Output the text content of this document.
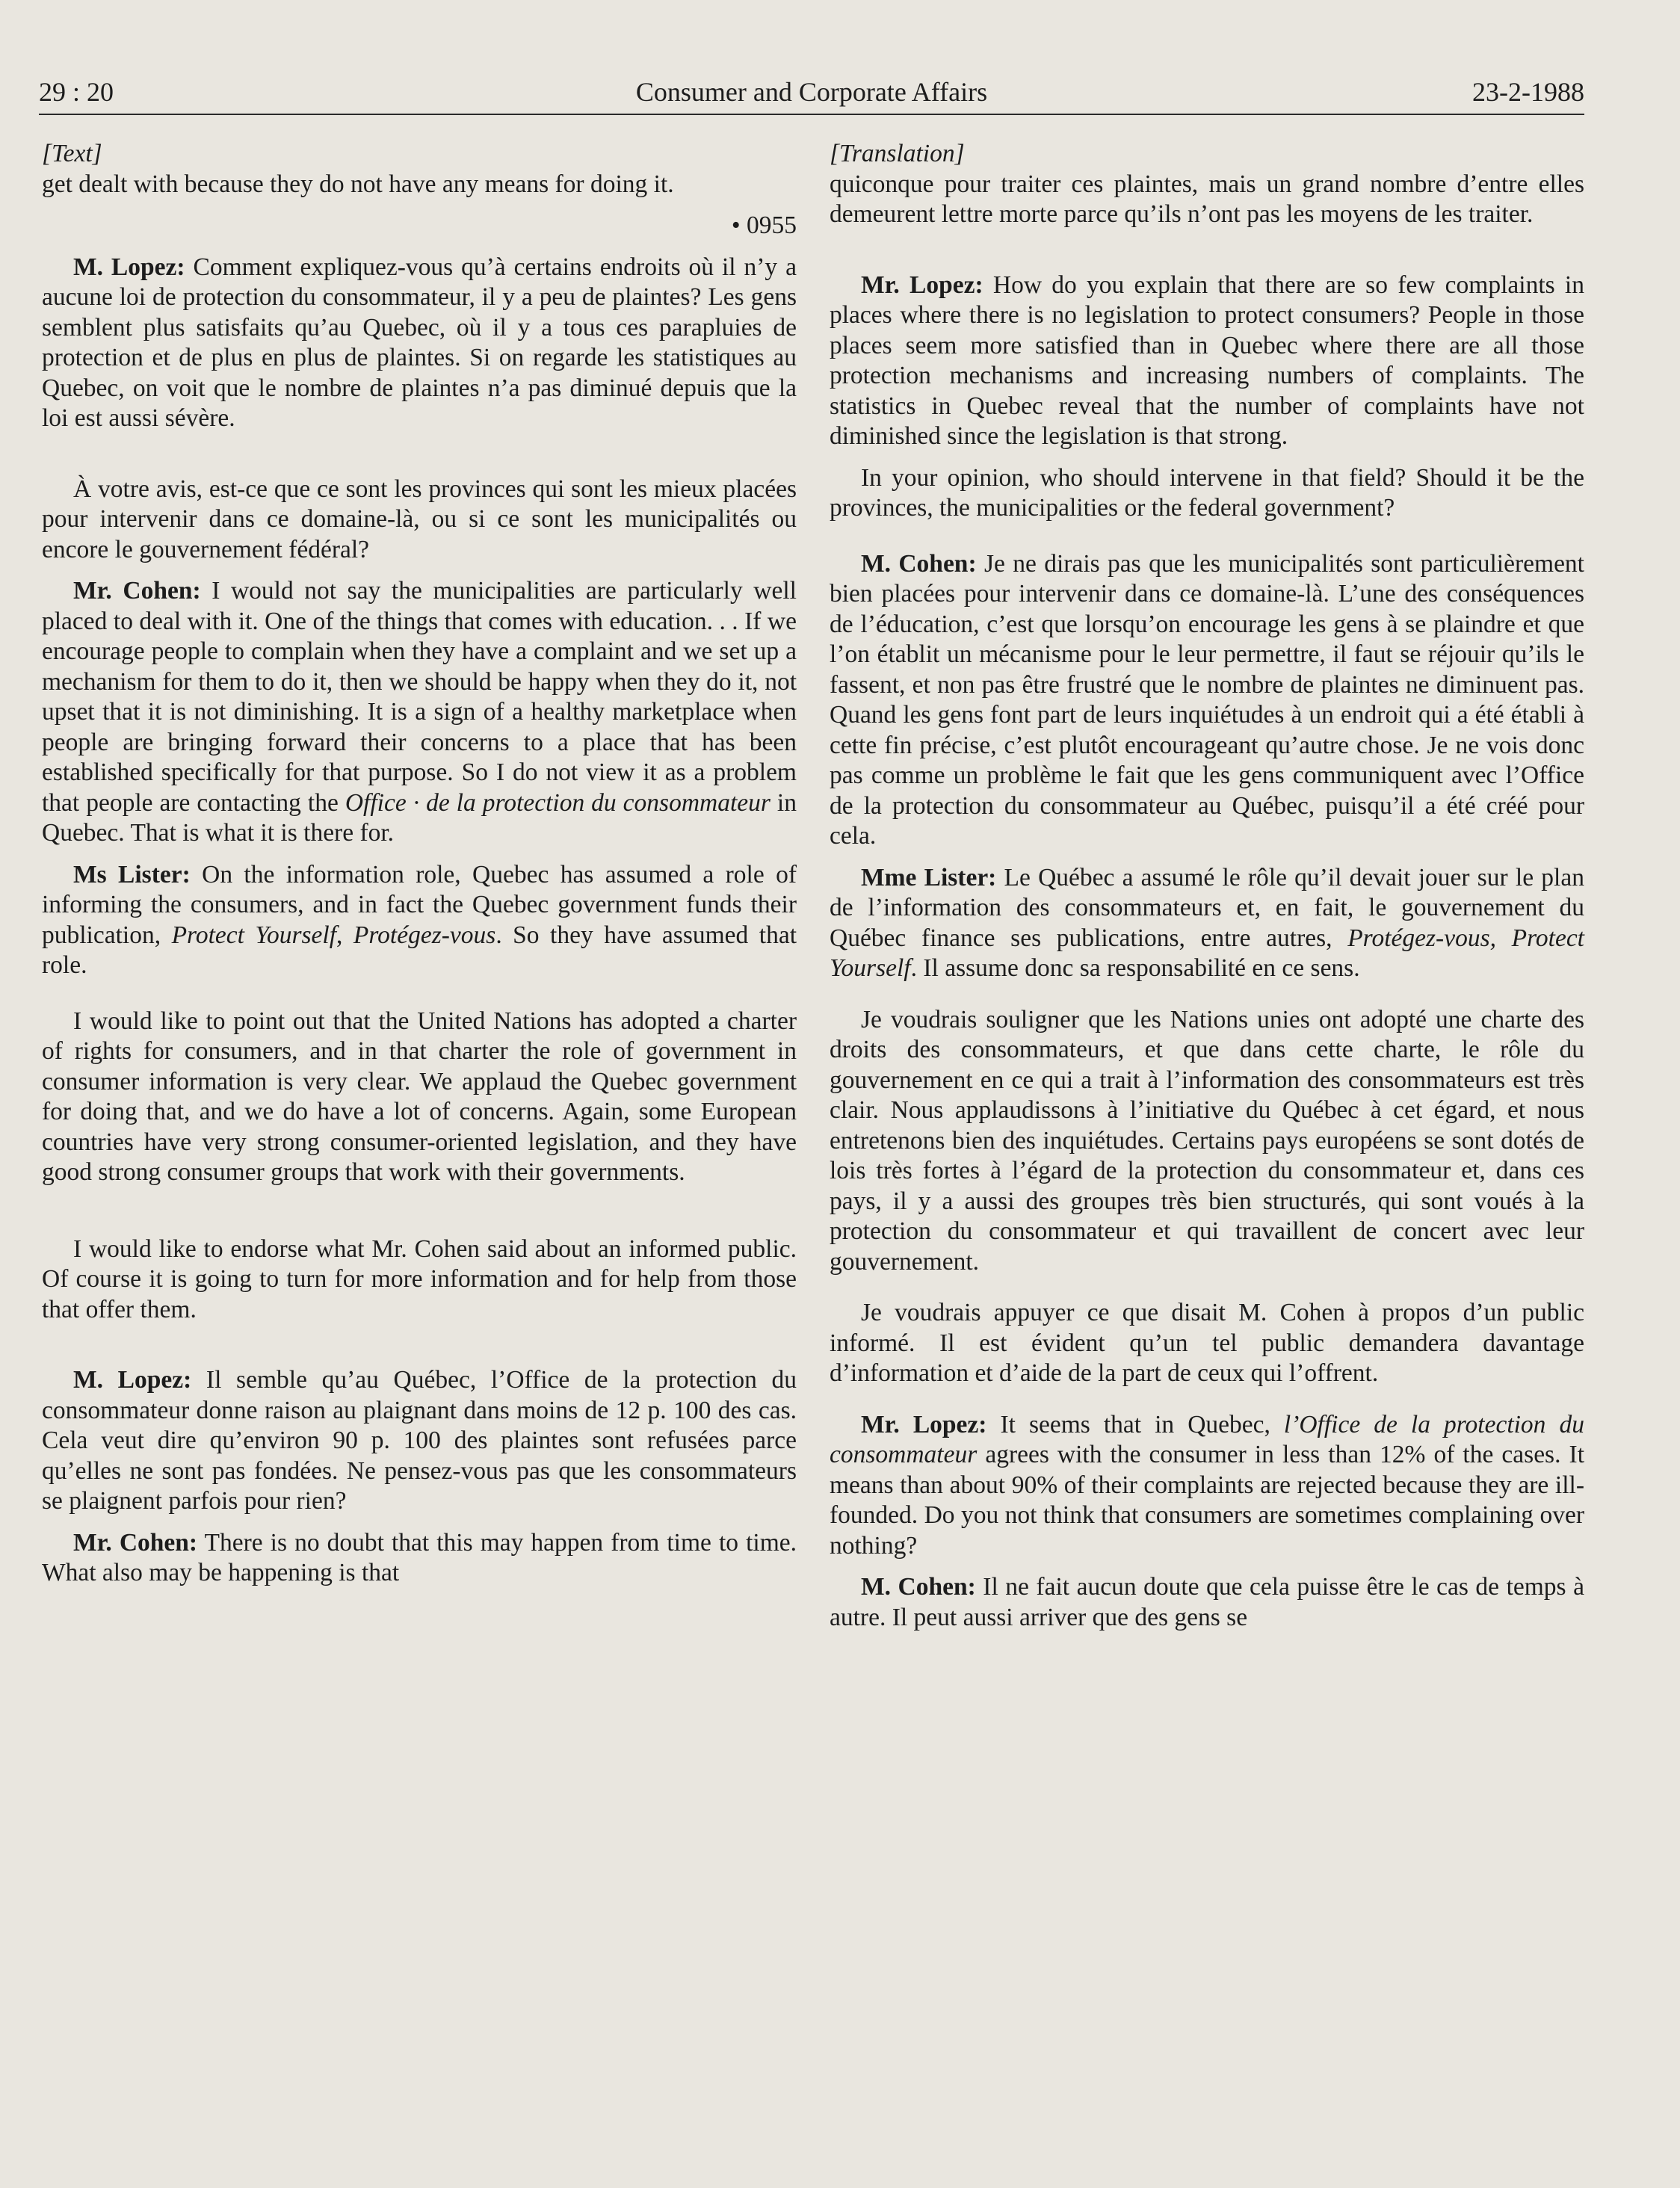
29 : 20	Consumer and Corporate Affairs	23-2-1988
[Text]

get dealt with because they do not have any means for doing it.

• 0955

M. Lopez: Comment expliquez-vous qu’à certains endroits où il n’y a aucune loi de protection du consommateur, il y a peu de plaintes? Les gens semblent plus satisfaits qu’au Quebec, où il y a tous ces parapluies de protection et de plus en plus de plaintes. Si on regarde les statistiques au Quebec, on voit que le nombre de plaintes n’a pas diminué depuis que la loi est aussi sévère.

À votre avis, est-ce que ce sont les provinces qui sont les mieux placées pour intervenir dans ce domaine-là, ou si ce sont les municipalités ou encore le gouvernement fédéral?

Mr. Cohen: I would not say the municipalities are particularly well placed to deal with it. One of the things that comes with education. . . If we encourage people to complain when they have a complaint and we set up a mechanism for them to do it, then we should be happy when they do it, not upset that it is not diminishing. It is a sign of a healthy marketplace when people are bringing forward their concerns to a place that has been established specifically for that purpose. So I do not view it as a problem that people are contacting the Office · de la protection du consommateur in Quebec. That is what it is there for.

Ms Lister: On the information role, Quebec has assumed a role of informing the consumers, and in fact the Quebec government funds their publication, Protect Yourself, Protégez-vous. So they have assumed that role.

I would like to point out that the United Nations has adopted a charter of rights for consumers, and in that charter the role of government in consumer information is very clear. We applaud the Quebec government for doing that, and we do have a lot of concerns. Again, some European countries have very strong consumer-oriented legislation, and they have good strong consumer groups that work with their governments.

I would like to endorse what Mr. Cohen said about an informed public. Of course it is going to turn for more information and for help from those that offer them.

M. Lopez: Il semble qu’au Québec, l’Office de la protection du consommateur donne raison au plaignant dans moins de 12 p. 100 des cas. Cela veut dire qu’environ 90 p. 100 des plaintes sont refusées parce qu’elles ne sont pas fondées. Ne pensez-vous pas que les consommateurs se plaignent parfois pour rien?

Mr. Cohen: There is no doubt that this may happen from time to time. What also may be happening is that

[Translation]

quiconque pour traiter ces plaintes, mais un grand nombre d’entre elles demeurent lettre morte parce qu’ils n’ont pas les moyens de les traiter.

Mr. Lopez: How do you explain that there are so few complaints in places where there is no legislation to protect consumers? People in those places seem more satisfied than in Quebec where there are all those protection mechanisms and increasing numbers of complaints. The statistics in Quebec reveal that the number of complaints have not diminished since the legislation is that strong.

In your opinion, who should intervene in that field? Should it be the provinces, the municipalities or the federal government?

M. Cohen: Je ne dirais pas que les municipalités sont particulièrement bien placées pour intervenir dans ce domaine-là. L’une des conséquences de l’éducation, c’est que lorsqu’on encourage les gens à se plaindre et que l’on établit un mécanisme pour le leur permettre, il faut se réjouir qu’ils le fassent, et non pas être frustré que le nombre de plaintes ne diminuent pas. Quand les gens font part de leurs inquiétudes à un endroit qui a été établi à cette fin précise, c’est plutôt encourageant qu’autre chose. Je ne vois donc pas comme un problème le fait que les gens communiquent avec l’Office de la protection du consommateur au Québec, puisqu’il a été créé pour cela.

Mme Lister: Le Québec a assumé le rôle qu’il devait jouer sur le plan de l’information des consommateurs et, en fait, le gouvernement du Québec finance ses publications, entre autres, Protégez-vous, Protect Yourself. Il assume donc sa responsabilité en ce sens.

Je voudrais souligner que les Nations unies ont adopté une charte des droits des consommateurs, et que dans cette charte, le rôle du gouvernement en ce qui a trait à l’information des consommateurs est très clair. Nous applaudissons à l’initiative du Québec à cet égard, et nous entretenons bien des inquiétudes. Certains pays européens se sont dotés de lois très fortes à l’égard de la protection du consommateur et, dans ces pays, il y a aussi des groupes très bien structurés, qui sont voués à la protection du consommateur et qui travaillent de concert avec leur gouvernement.

Je voudrais appuyer ce que disait M. Cohen à propos d’un public informé. Il est évident qu’un tel public demandera davantage d’information et d’aide de la part de ceux qui l’offrent.

Mr. Lopez: It seems that in Quebec, l’Office de la protection du consommateur agrees with the consumer in less than 12% of the cases. It means than about 90% of their complaints are rejected because they are ill-founded. Do you not think that consumers are sometimes complaining over nothing?

M. Cohen: Il ne fait aucun doute que cela puisse être le cas de temps à autre. Il peut aussi arriver que des gens se
